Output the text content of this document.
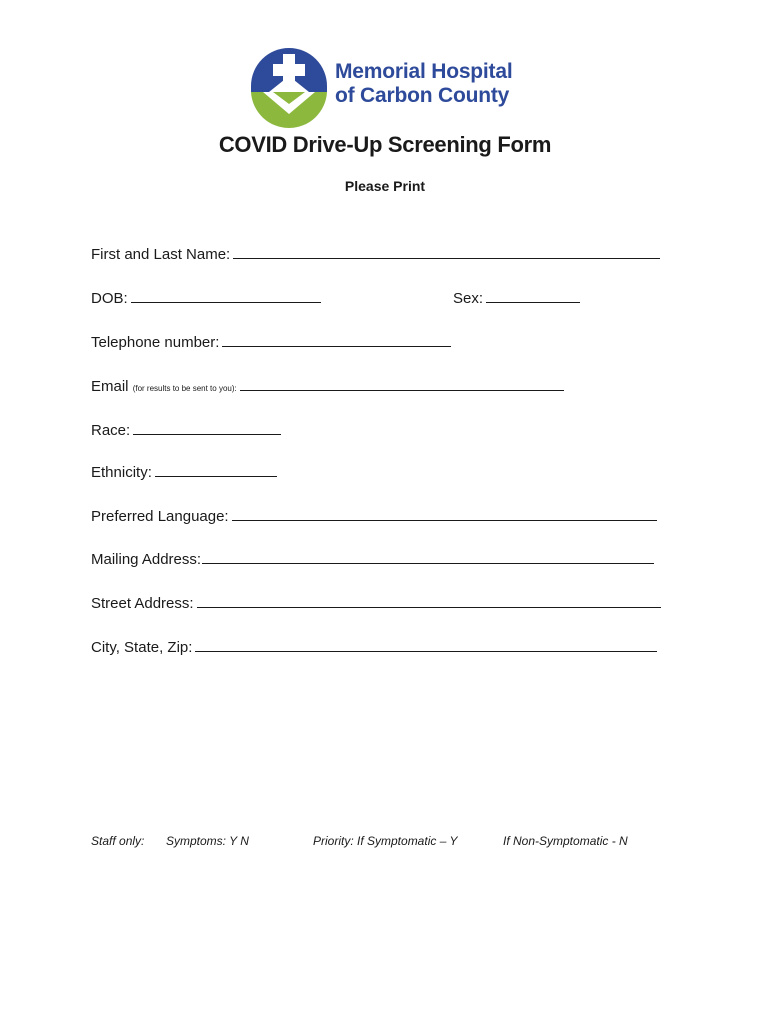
Memorial Hospital
of Carbon County
COVID Drive-Up Screening Form
Please Print
First and Last Name:
DOB:	Sex:
Telephone number:
Email (for results to be sent to you):
Race:
Ethnicity:
Preferred Language:
Mailing Address:
Street Address:
City, State, Zip:
Staff only: Symptoms: Y N	Priority: If Symptomatic – Y	If Non-Symptomatic - N
